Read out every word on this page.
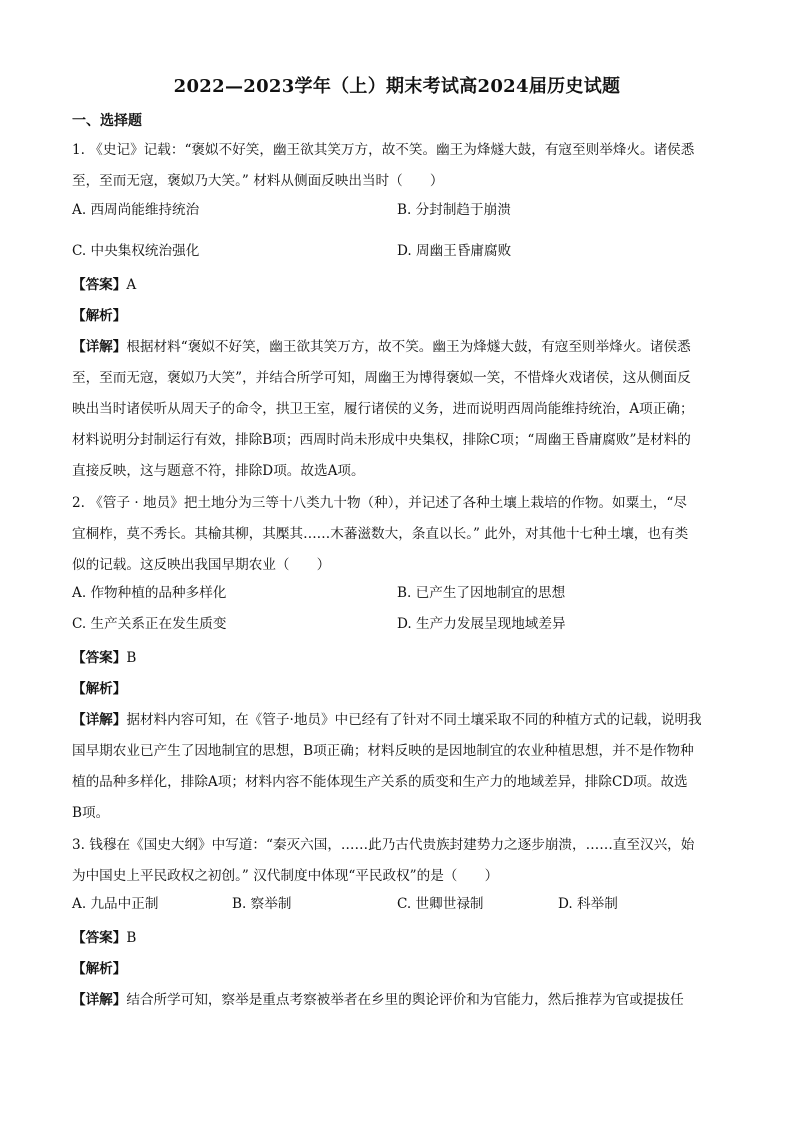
2022—2023学年（上）期末考试高2024届历史试题
一、选择题
1. 《史记》记载：“褒姒不好笑，幽王欲其笑万方，故不笑。幽王为烽燧大鼓，有寇至则举烽火。诸侯悉
至，至而无寇，褒姒乃大笑。” 材料从侧面反映出当时（　　）
A. 西周尚能维持统治	B. 分封制趋于崩溃
C. 中央集权统治强化	D. 周幽王昏庸腐败
【答案】A
【解析】
【详解】根据材料“褒姒不好笑，幽王欲其笑万方，故不笑。幽王为烽燧大鼓，有寇至则举烽火。诸侯悉
至，至而无寇，褒姒乃大笑”，并结合所学可知，周幽王为博得褒姒一笑，不惜烽火戏诸侯，这从侧面反
映出当时诸侯听从周天子的命令，拱卫王室，履行诸侯的义务，进而说明西周尚能维持统治，A项正确；
材料说明分封制运行有效，排除B项；西周时尚未形成中央集权，排除C项；“周幽王昏庸腐败”是材料的
直接反映，这与题意不符，排除D项。故选A项。
2. 《管子 · 地员》把土地分为三等十八类九十物（种），并记述了各种土壤上栽培的作物。如粟土，“尽
宜桐柞，莫不秀长。其榆其柳，其檿其……木蕃滋数大，条直以长。” 此外，对其他十七种土壤，也有类
似的记载。这反映出我国早期农业（　　）
A. 作物种植的品种多样化	B. 已产生了因地制宜的思想
C. 生产关系正在发生质变	D. 生产力发展呈现地域差异
【答案】B
【解析】
【详解】据材料内容可知，在《管子·地员》中已经有了针对不同土壤采取不同的种植方式的记载，说明我
国早期农业已产生了因地制宜的思想，B项正确；材料反映的是因地制宜的农业种植思想，并不是作物种
植的品种多样化，排除A项；材料内容不能体现生产关系的质变和生产力的地域差异，排除CD项。故选
B项。
3. 钱穆在《国史大纲》中写道：“秦灭六国，……此乃古代贵族封建势力之逐步崩溃，……直至汉兴，始
为中国史上平民政权之初创。” 汉代制度中体现“平民政权”的是（　　）
A. 九品中正制	B. 察举制	C. 世卿世禄制	D. 科举制
【答案】B
【解析】
【详解】结合所学可知，察举是重点考察被举者在乡里的舆论评价和为官能力，然后推荐为官或提拔任
